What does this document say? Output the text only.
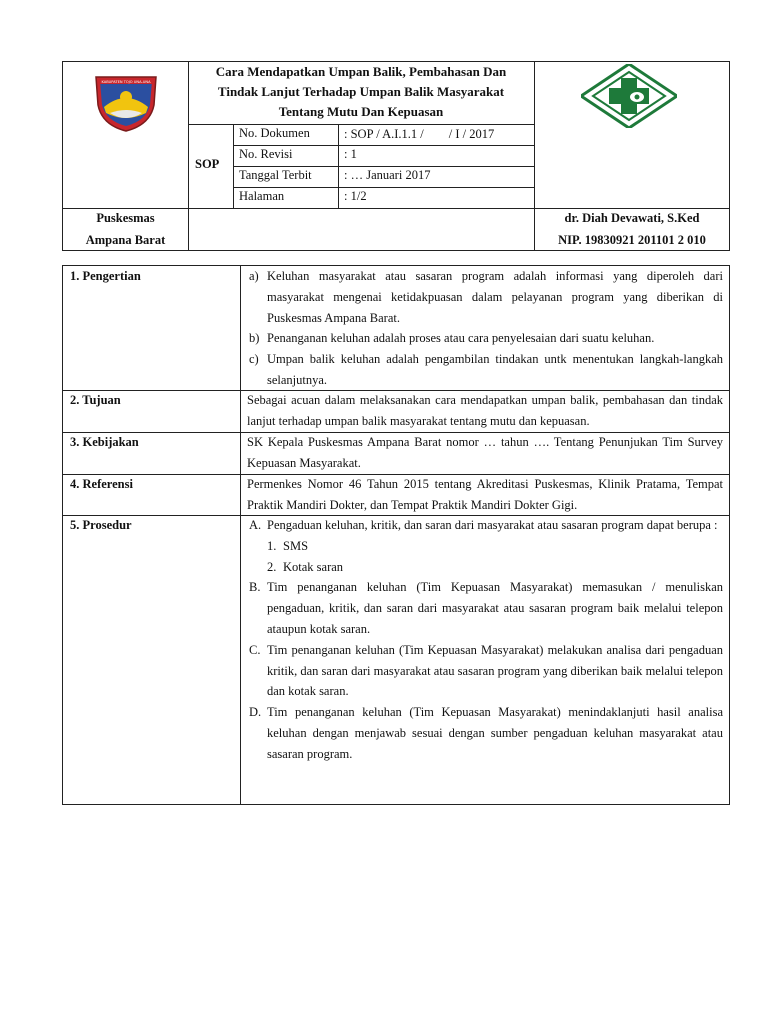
KABUPATEN TOJO UNA-UNA
Cara Mendapatkan Umpan Balik, Pembahasan Dan
Tindak Lanjut Terhadap Umpan Balik Masyarakat
Tentang Mutu Dan Kepuasan
SOP
No. Dokumen	: SOP / A.I.1.1 /        / I / 2017
No. Revisi	: 1
Tanggal Terbit	: … Januari 2017
Halaman	: 1/2
Puskesmas
Ampana Barat
dr. Diah Devawati, S.Ked
NIP. 19830921 201101 2 010
1. Pengertian	a) Keluhan masyarakat atau sasaran program adalah informasi yang diperoleh dari masyarakat mengenai ketidakpuasan dalam pelayanan program yang diberikan di Puskesmas Ampana Barat.
b) Penanganan keluhan adalah proses atau cara penyelesaian dari suatu keluhan.
c) Umpan balik keluhan adalah pengambilan tindakan untk menentukan langkah-langkah selanjutnya.
2. Tujuan	Sebagai acuan dalam melaksanakan cara mendapatkan umpan balik, pembahasan dan tindak lanjut terhadap umpan balik masyarakat tentang mutu dan kepuasan.
3. Kebijakan	SK Kepala Puskesmas Ampana Barat nomor … tahun …. Tentang Penunjukan Tim Survey Kepuasan Masyarakat.
4. Referensi	Permenkes Nomor 46 Tahun 2015 tentang Akreditasi Puskesmas, Klinik Pratama, Tempat Praktik Mandiri Dokter, dan Tempat Praktik Mandiri Dokter Gigi.
5. Prosedur	A. Pengaduan keluhan, kritik, dan saran dari masyarakat atau sasaran program dapat berupa :
1. SMS
2. Kotak saran
B. Tim penanganan keluhan (Tim Kepuasan Masyarakat) memasukan / menuliskan pengaduan, kritik, dan saran dari masyarakat atau sasaran program baik melalui telepon ataupun kotak saran.
C. Tim penanganan keluhan (Tim Kepuasan Masyarakat) melakukan analisa dari pengaduan kritik, dan saran dari masyarakat atau sasaran program yang diberikan baik melalui telepon dan kotak saran.
D. Tim penanganan keluhan (Tim Kepuasan Masyarakat) menindaklanjuti hasil analisa keluhan dengan menjawab sesuai dengan sumber pengaduan keluhan masyarakat atau sasaran program.
